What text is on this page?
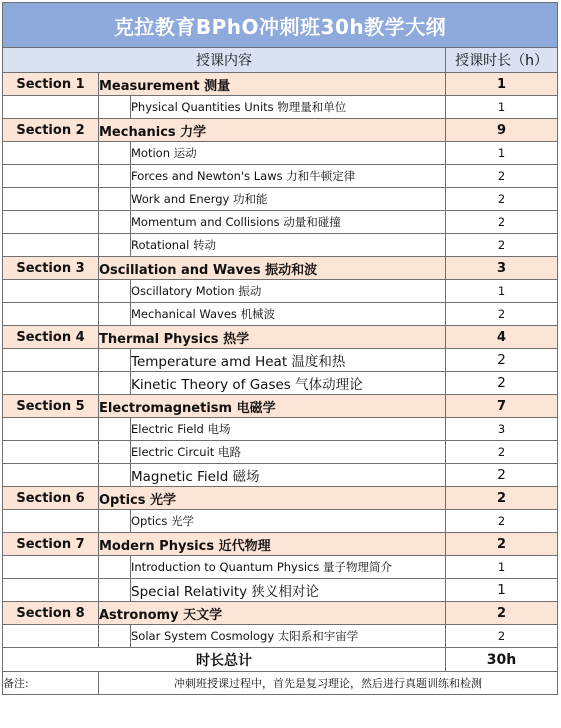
克拉教育BPhO冲刺班30h教学大纲			
授课内容			授课时长（h）
Section 1	Measurement 测量		1
		Physical Quantities Units 物理量和单位	1
Section 2	Mechanics 力学		9
		Motion 运动	1
		Forces and Newton's Laws 力和牛顿定律	2
		Work and Energy 功和能	2
		Momentum and Collisions 动量和碰撞	2
		Rotational 转动	2
Section 3	Oscillation and Waves 振动和波		3
		Oscillatory Motion 振动	1
		Mechanical Waves 机械波	2
Section 4	Thermal Physics 热学		4
		Temperature amd Heat 温度和热	2
		Kinetic Theory of Gases 气体动理论	2
Section 5	Electromagnetism 电磁学		7
		Electric Field 电场	3
		Electric Circuit 电路	2
		Magnetic Field 磁场	2
Section 6	Optics 光学		2
		Optics 光学	2
Section 7	Modern Physics 近代物理		2
		Introduction to Quantum Physics 量子物理简介	1
		Special Relativity 狭义相对论	1
Section 8	Astronomy 天文学		2
		Solar System Cosmology 太阳系和宇宙学	2
时长总计			30h
备注:	冲刺班授课过程中，首先是复习理论，然后进行真题训练和检测		
